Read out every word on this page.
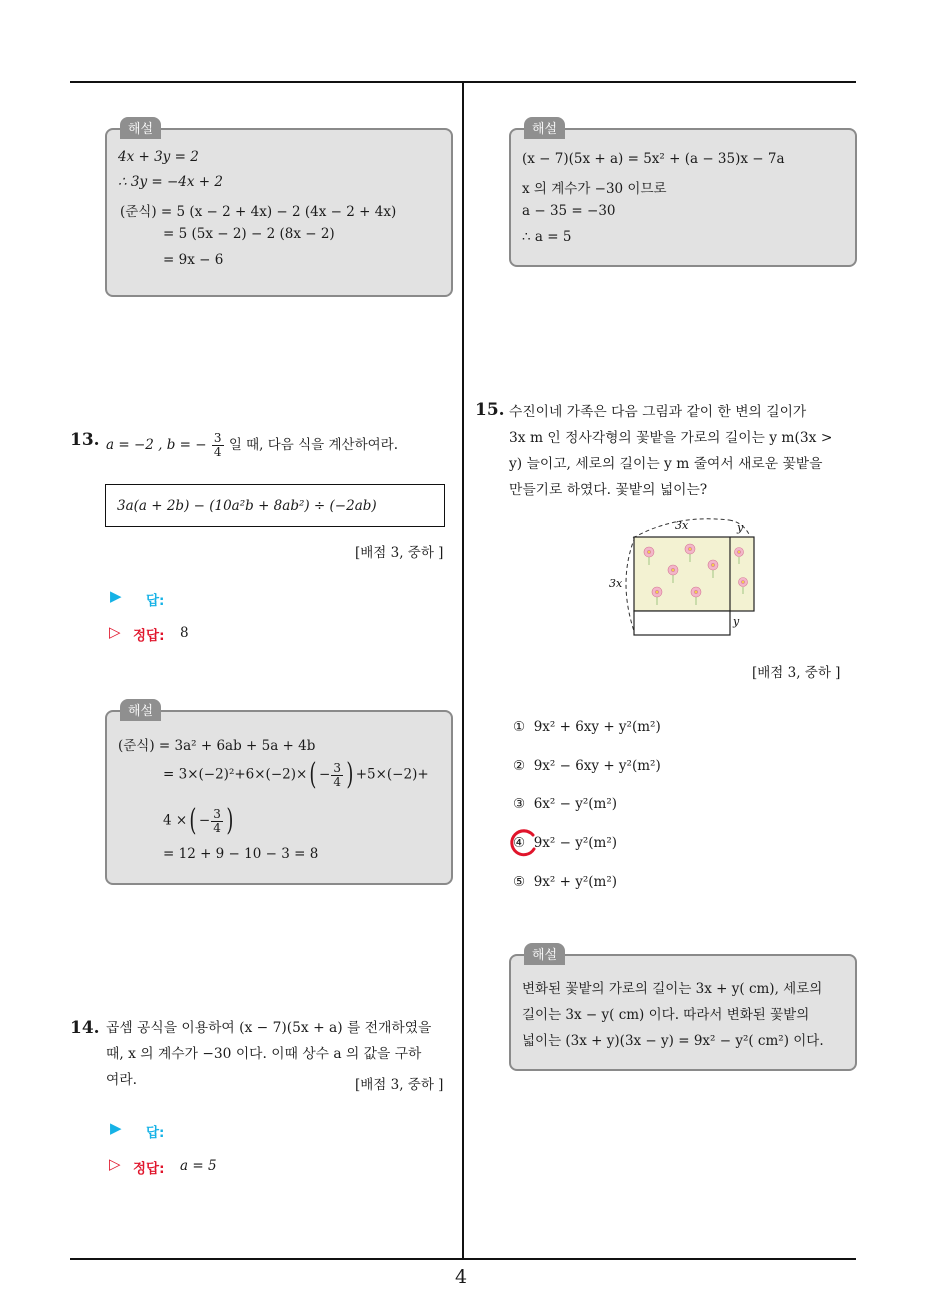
4
해설
4x + 3y = 2
∴ 3y = −4x + 2
(준식) = 5 (x − 2 + 4x) − 2 (4x − 2 + 4x)
= 5 (5x − 2) − 2 (8x − 2)
= 9x − 6
13. a = −2 , b = − $\frac{3}{4}$ 일 때, 다음 식을 계산하여라.
3a(a + 2b) − (10a²b + 8ab²) ÷ (−2ab)
[배점 3, 중하 ]
▶ 답:
▷ 정답: 8
해설
(준식) = 3a² + 6ab + 5a + 4b
= $3\times(-2)^2+6\times(-2)\times( - \frac{3}{4}$ ) +5×(−2)+
4 ×( − $\frac{3}{4}$ )
= 12 + 9 − 10 − 3 = 8
14. 곱셈 공식을 이용하여 (x − 7)(5x + a) 를 전개하였을
때, x 의 계수가 −30 이다. 이때 상수 a 의 값을 구하
여라.	[배점 3, 중하 ]
▶ 답:
▷ 정답: a = 5
해설
(x − 7)(5x + a) = 5x² + (a − 35)x − 7a
x 의 계수가 −30 이므로
a − 35 = −30
∴ a = 5
15. 수진이네 가족은 다음 그림과 같이 한 변의 길이가
3x m 인 정사각형의 꽃밭을 가로의 길이는 y m(3x >
y) 늘이고, 세로의 길이는 y m 줄여서 새로운 꽃밭을
만들기로 하였다. 꽃밭의 넓이는?
3x	y
3x
y
[배점 3, 중하 ]
① 9x² + 6xy + y²(m²)
② 9x² − 6xy + y²(m²)
③ 6x² − y²(m²)
④ 9x² − y²(m²)
⑤ 9x² + y²(m²)
해설
변화된 꽃밭의 가로의 길이는 3x + y( cm), 세로의
길이는 3x − y( cm) 이다. 따라서 변화된 꽃밭의
넓이는 (3x + y)(3x − y) = 9x² − y²( cm²) 이다.
